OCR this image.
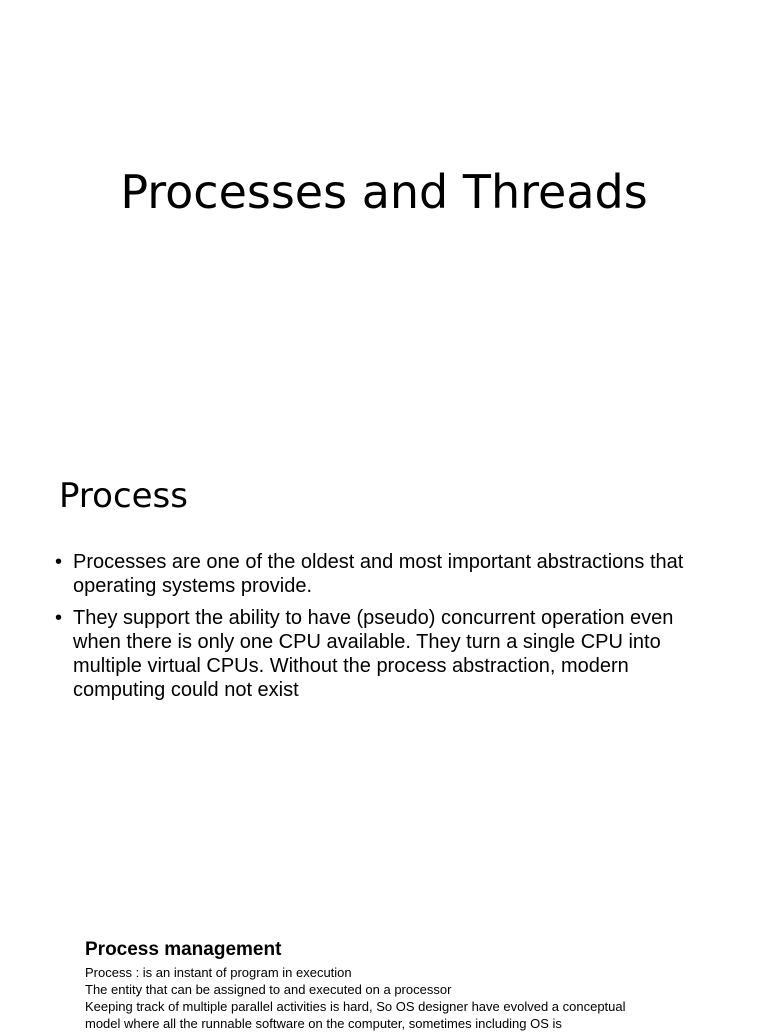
Processes and Threads
Process
• Processes are one of the oldest and most important abstractions that operating systems provide.
• They support the ability to have (pseudo) concurrent operation even when there is only one CPU available. They turn a single CPU into multiple virtual CPUs. Without the process abstraction, modern computing could not exist
Process management
Process : is an instant of program in execution
The entity that can be assigned to and executed on a processor
Keeping track of multiple parallel activities is hard, So OS designer have evolved a conceptual
model where all the runnable software on the computer, sometimes including OS is
